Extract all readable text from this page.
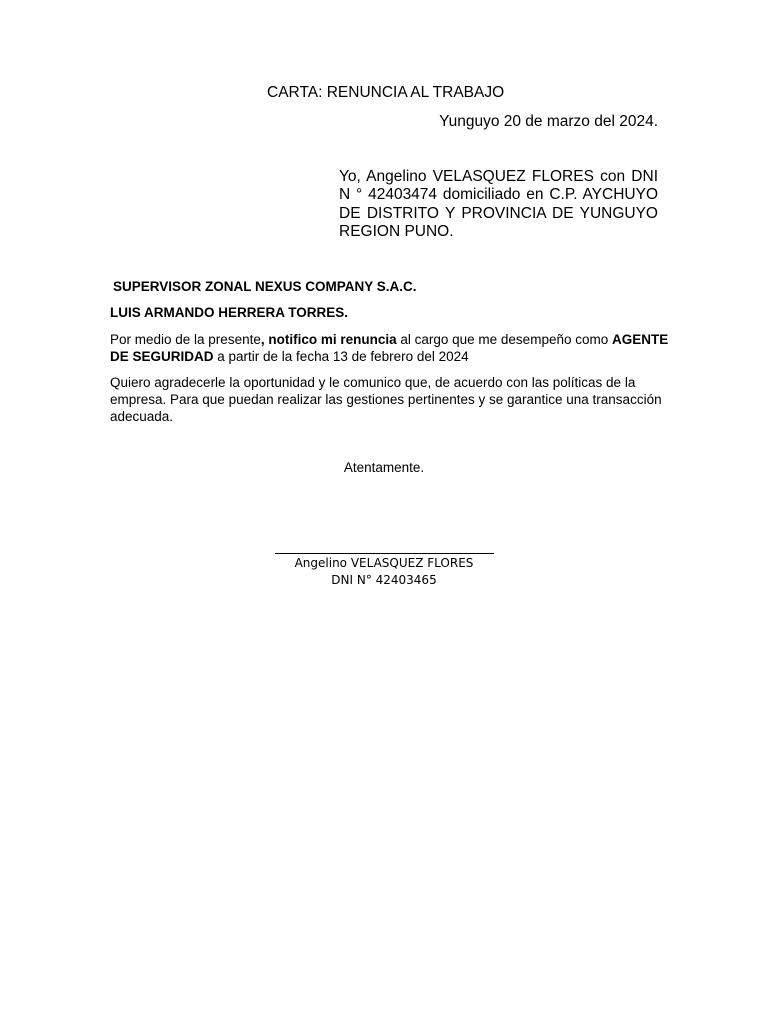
CARTA: RENUNCIA AL TRABAJO

Yunguyo 20 de marzo del 2024.

Yo, Angelino VELASQUEZ FLORES con DNI N ° 42403474 domiciliado en C.P. AYCHUYO DE DISTRITO Y PROVINCIA DE YUNGUYO REGION PUNO.

SUPERVISOR ZONAL NEXUS COMPANY S.A.C.

LUIS ARMANDO HERRERA TORRES.

Por medio de la presente, notifico mi renuncia al cargo que me desempeño como AGENTE DE SEGURIDAD a partir de la fecha 13 de febrero del 2024

Quiero agradecerle la oportunidad y le comunico que, de acuerdo con las políticas de la empresa. Para que puedan realizar las gestiones pertinentes y se garantice una transacción adecuada.

Atentamente.

Angelino VELASQUEZ FLORES

DNI N° 42403465
